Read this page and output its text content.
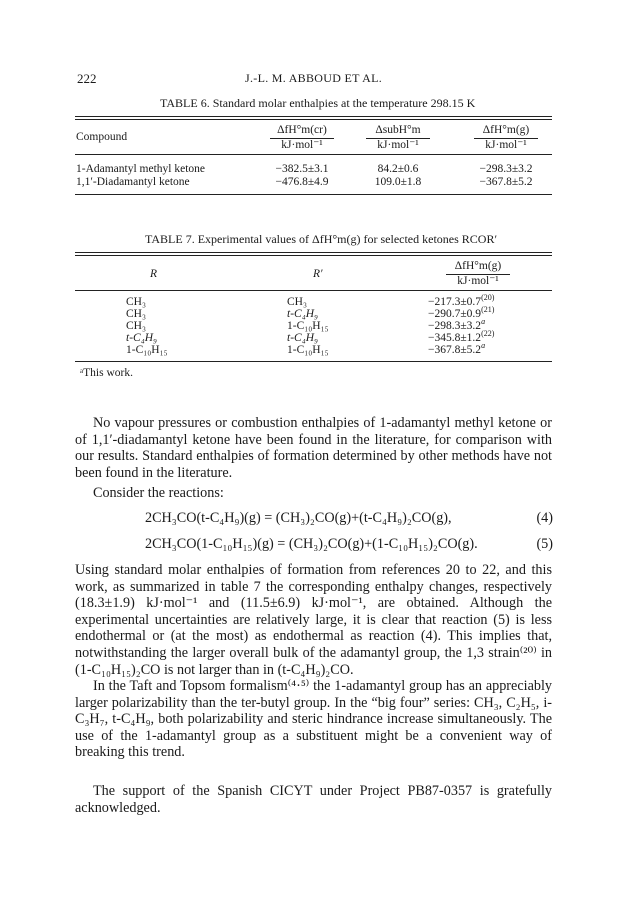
222	J.-L. M. ABBOUD ET AL.
TABLE 6. Standard molar enthalpies at the temperature 298.15 K
Compound
ΔfH°m(cr)
kJ·mol⁻¹
ΔsubH°m
kJ·mol⁻¹
ΔfH°m(g)
kJ·mol⁻¹
1-Adamantyl methyl ketone	−382.5±3.1	84.2±0.6	−298.3±3.2
1,1′-Diadamantyl ketone	−476.8±4.9	109.0±1.8	−367.8±5.2
TABLE 7. Experimental values of ΔfH°m(g) for selected ketones RCOR′
R	R′
ΔfH°m(g)
kJ·mol⁻¹
CH₃	CH₃	$-217.3\pm 0.7^{(20)}$
CH₃	t-C₄H₉	$-290.7\pm 0.9^{(21)}$
CH₃	1-C₁₀H₁₅	−298.3±3.2$^a$
t-C₄H₉	t-C₄H₉	$-345.8\pm 1.2^{(22)}$
1-C₁₀H₁₅	1-C₁₀H₁₅	−367.8±5.2$^a$
ᵃThis work.
No vapour pressures or combustion enthalpies of 1-adamantyl methyl ketone or of 1,1′-diadamantyl ketone have been found in the literature, for comparison with our results. Standard enthalpies of formation determined by other methods have not been found in the literature.
Consider the reactions:
2CH₃CO(t-C₄H₉)(g) = (CH₃)₂CO(g)+(t-C₄H₉)₂CO(g),	(4)
2CH₃CO(1-C₁₀H₁₅)(g) = (CH₃)₂CO(g)+(1-C₁₀H₁₅)₂CO(g).	(5)
Using standard molar enthalpies of formation from references 20 to 22, and this work, as summarized in table 7 the corresponding enthalpy changes, respectively (18.3±1.9) kJ·mol⁻¹ and (11.5±6.9) kJ·mol⁻¹, are obtained. Although the experimental uncertainties are relatively large, it is clear that reaction (5) is less endothermal or (at the most) as endothermal as reaction (4). This implies that, notwithstanding the larger overall bulk of the adamantyl group, the 1,3 strain⁽²⁰⁾ in (1-C₁₀H₁₅)₂CO is not larger than in (t-C₄H₉)₂CO.
In the Taft and Topsom formalism⁽⁴·⁵⁾ the 1-adamantyl group has an appreciably larger polarizability than the ter-butyl group. In the “big four” series: CH₃, C₂H₅, i-C₃H₇, t-C₄H₉, both polarizability and steric hindrance increase simultaneously. The use of the 1-adamantyl group as a substituent might be a convenient way of breaking this trend.
The support of the Spanish CICYT under Project PB87-0357 is gratefully acknowledged.
